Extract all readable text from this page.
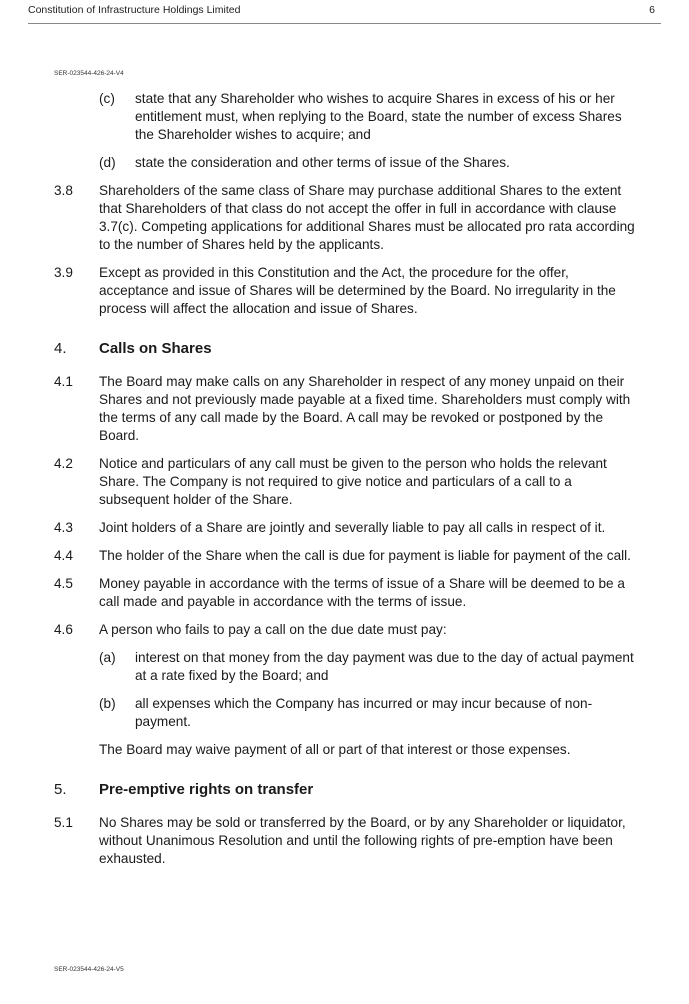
Constitution of Infrastructure Holdings Limited	6
SER-023544-426-24-V4
(c) state that any Shareholder who wishes to acquire Shares in excess of his or her entitlement must, when replying to the Board, state the number of excess Shares the Shareholder wishes to acquire; and
(d) state the consideration and other terms of issue of the Shares.
3.8 Shareholders of the same class of Share may purchase additional Shares to the extent that Shareholders of that class do not accept the offer in full in accordance with clause 3.7(c). Competing applications for additional Shares must be allocated pro rata according to the number of Shares held by the applicants.
3.9 Except as provided in this Constitution and the Act, the procedure for the offer, acceptance and issue of Shares will be determined by the Board. No irregularity in the process will affect the allocation and issue of Shares.
4. Calls on Shares
4.1 The Board may make calls on any Shareholder in respect of any money unpaid on their Shares and not previously made payable at a fixed time. Shareholders must comply with the terms of any call made by the Board. A call may be revoked or postponed by the Board.
4.2 Notice and particulars of any call must be given to the person who holds the relevant Share. The Company is not required to give notice and particulars of a call to a subsequent holder of the Share.
4.3 Joint holders of a Share are jointly and severally liable to pay all calls in respect of it.
4.4 The holder of the Share when the call is due for payment is liable for payment of the call.
4.5 Money payable in accordance with the terms of issue of a Share will be deemed to be a call made and payable in accordance with the terms of issue.
4.6 A person who fails to pay a call on the due date must pay:
(a) interest on that money from the day payment was due to the day of actual payment at a rate fixed by the Board; and
(b) all expenses which the Company has incurred or may incur because of non-payment.
The Board may waive payment of all or part of that interest or those expenses.
5. Pre-emptive rights on transfer
5.1 No Shares may be sold or transferred by the Board, or by any Shareholder or liquidator, without Unanimous Resolution and until the following rights of pre-emption have been exhausted.
SER-023544-426-24-V5
